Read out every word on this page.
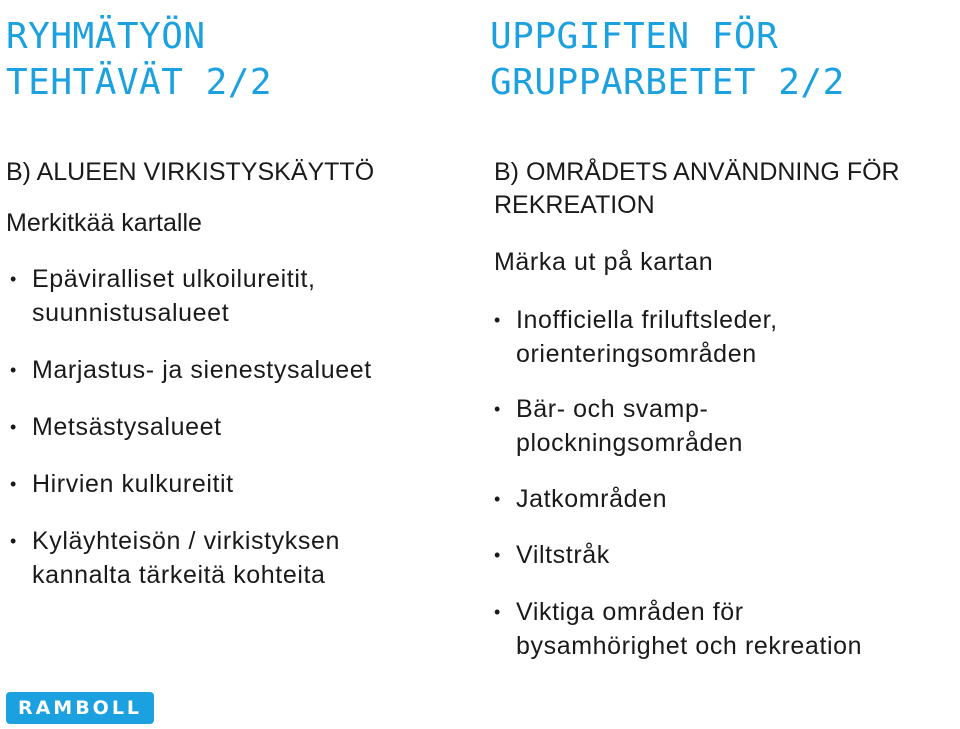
RYHMÄTYÖN
TEHTÄVÄT 2/2
B) ALUEEN VIRKISTYSKÄYTTÖ

Merkitkää kartalle

• Epäviralliset ulkoilureitit,
suunnistusalueet
• Marjastus- ja sienestysalueet
• Metsästysalueet
• Hirvien kulkureitit
• Kyläyhteisön / virkistyksen
kannalta tärkeitä kohteita
UPPGIFTEN FÖR
GRUPPARBETET 2/2
B) OMRÅDETS ANVÄNDNING FÖR
REKREATION

Märka ut på kartan

• Inofficiella friluftsleder,
orienteringsområden
• Bär- och svamp-
plockningsområden
• Jatkområden
• Viltstråk
• Viktiga områden för
bysamhörighet och rekreation
RAMBOLL
